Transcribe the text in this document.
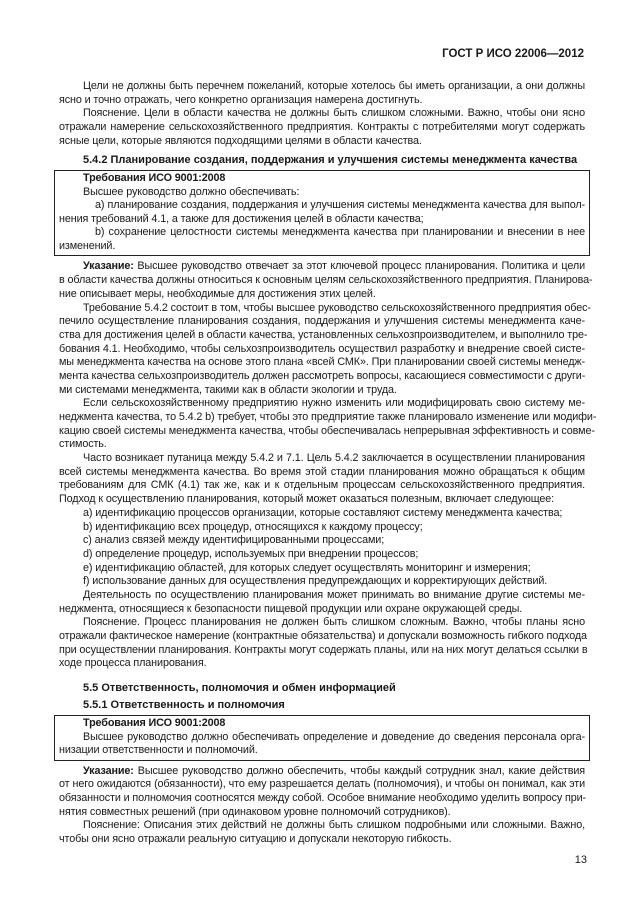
ГОСТ Р ИСО 22006—2012
Цели не должны быть перечнем пожеланий, которые хотелось бы иметь организации, а они должны
ясно и точно отражать, чего конкретно организация намерена достигнуть.
Пояснение. Цели в области качества не должны быть слишком сложными. Важно, чтобы они ясно
отражали намерение сельскохозяйственного предприятия. Контракты с потребителями могут содержать
ясные цели, которые являются подходящими целями в области качества.
5.4.2 Планирование создания, поддержания и улучшения системы менеджмента качества
Требования ИСО 9001:2008
Высшее руководство должно обеспечивать:
а) планирование создания, поддержания и улучшения системы менеджмента качества для выпол-
нения требований 4.1, а также для достижения целей в области качества;
b) сохранение целостности системы менеджмента качества при планировании и внесении в нее
изменений.
Указание: Высшее руководство отвечает за этот ключевой процесс планирования. Политика и цели
в области качества должны относиться к основным целям сельскохозяйственного предприятия. Планирова-
ние описывает меры, необходимые для достижения этих целей.
Требование 5.4.2 состоит в том, чтобы высшее руководство сельскохозяйственного предприятия обес-
печило осуществление планирования создания, поддержания и улучшения системы менеджмента каче-
ства для достижения целей в области качества, установленных сельхозпроизводителем, и выполнило тре-
бования 4.1. Необходимо, чтобы сельхозпроизводитель осуществил разработку и внедрение своей систе-
мы менеджмента качества на основе этого плана «всей СМК». При планировании своей системы менедж-
мента качества сельхозпроизводитель должен рассмотреть вопросы, касающиеся совместимости с други-
ми системами менеджмента, такими как в области экологии и труда.
Если сельскохозяйственному предприятию нужно изменить или модифицировать свою систему ме-
неджмента качества, то 5.4.2 b) требует, чтобы это предприятие также планировало изменение или модифи-
кацию своей системы менеджмента качества, чтобы обеспечивалась непрерывная эффективность и совме-
стимость.
Часто возникает путаница между 5.4.2 и 7.1. Цель 5.4.2 заключается в осуществлении планирования
всей системы менеджмента качества. Во время этой стадии планирования можно обращаться к общим
требованиям для СМК (4.1) так же, как и к отдельным процессам сельскохозяйственного предприятия.
Подход к осуществлению планирования, который может оказаться полезным, включает следующее:
а) идентификацию процессов организации, которые составляют систему менеджмента качества;
b) идентификацию всех процедур, относящихся к каждому процессу;
с) анализ связей между идентифицированными процессами;
d) определение процедур, используемых при внедрении процессов;
е) идентификацию областей, для которых следует осуществлять мониторинг и измерения;
f) использование данных для осуществления предупреждающих и корректирующих действий.
Деятельность по осуществлению планирования может принимать во внимание другие системы ме-
неджмента, относящиеся к безопасности пищевой продукции или охране окружающей среды.
Пояснение. Процесс планирования не должен быть слишком сложным. Важно, чтобы планы ясно
отражали фактическое намерение (контрактные обязательства) и допускали возможность гибкого подхода
при осуществлении планирования. Контракты могут содержать планы, или на них могут делаться ссылки в
ходе процесса планирования.
5.5 Ответственность, полномочия и обмен информацией
5.5.1 Ответственность и полномочия
Требования ИСО 9001:2008
Высшее руководство должно обеспечивать определение и доведение до сведения персонала орга-
низации ответственности и полномочий.
Указание: Высшее руководство должно обеспечить, чтобы каждый сотрудник знал, какие действия
от него ожидаются (обязанности), что ему разрешается делать (полномочия), и чтобы он понимал, как эти
обязанности и полномочия соотносятся между собой. Особое внимание необходимо уделить вопросу при-
нятия совместных решений (при одинаковом уровне полномочий сотрудников).
Пояснение: Описания этих действий не должны быть слишком подробными или сложными. Важно,
чтобы они ясно отражали реальную ситуацию и допускали некоторую гибкость.
13
